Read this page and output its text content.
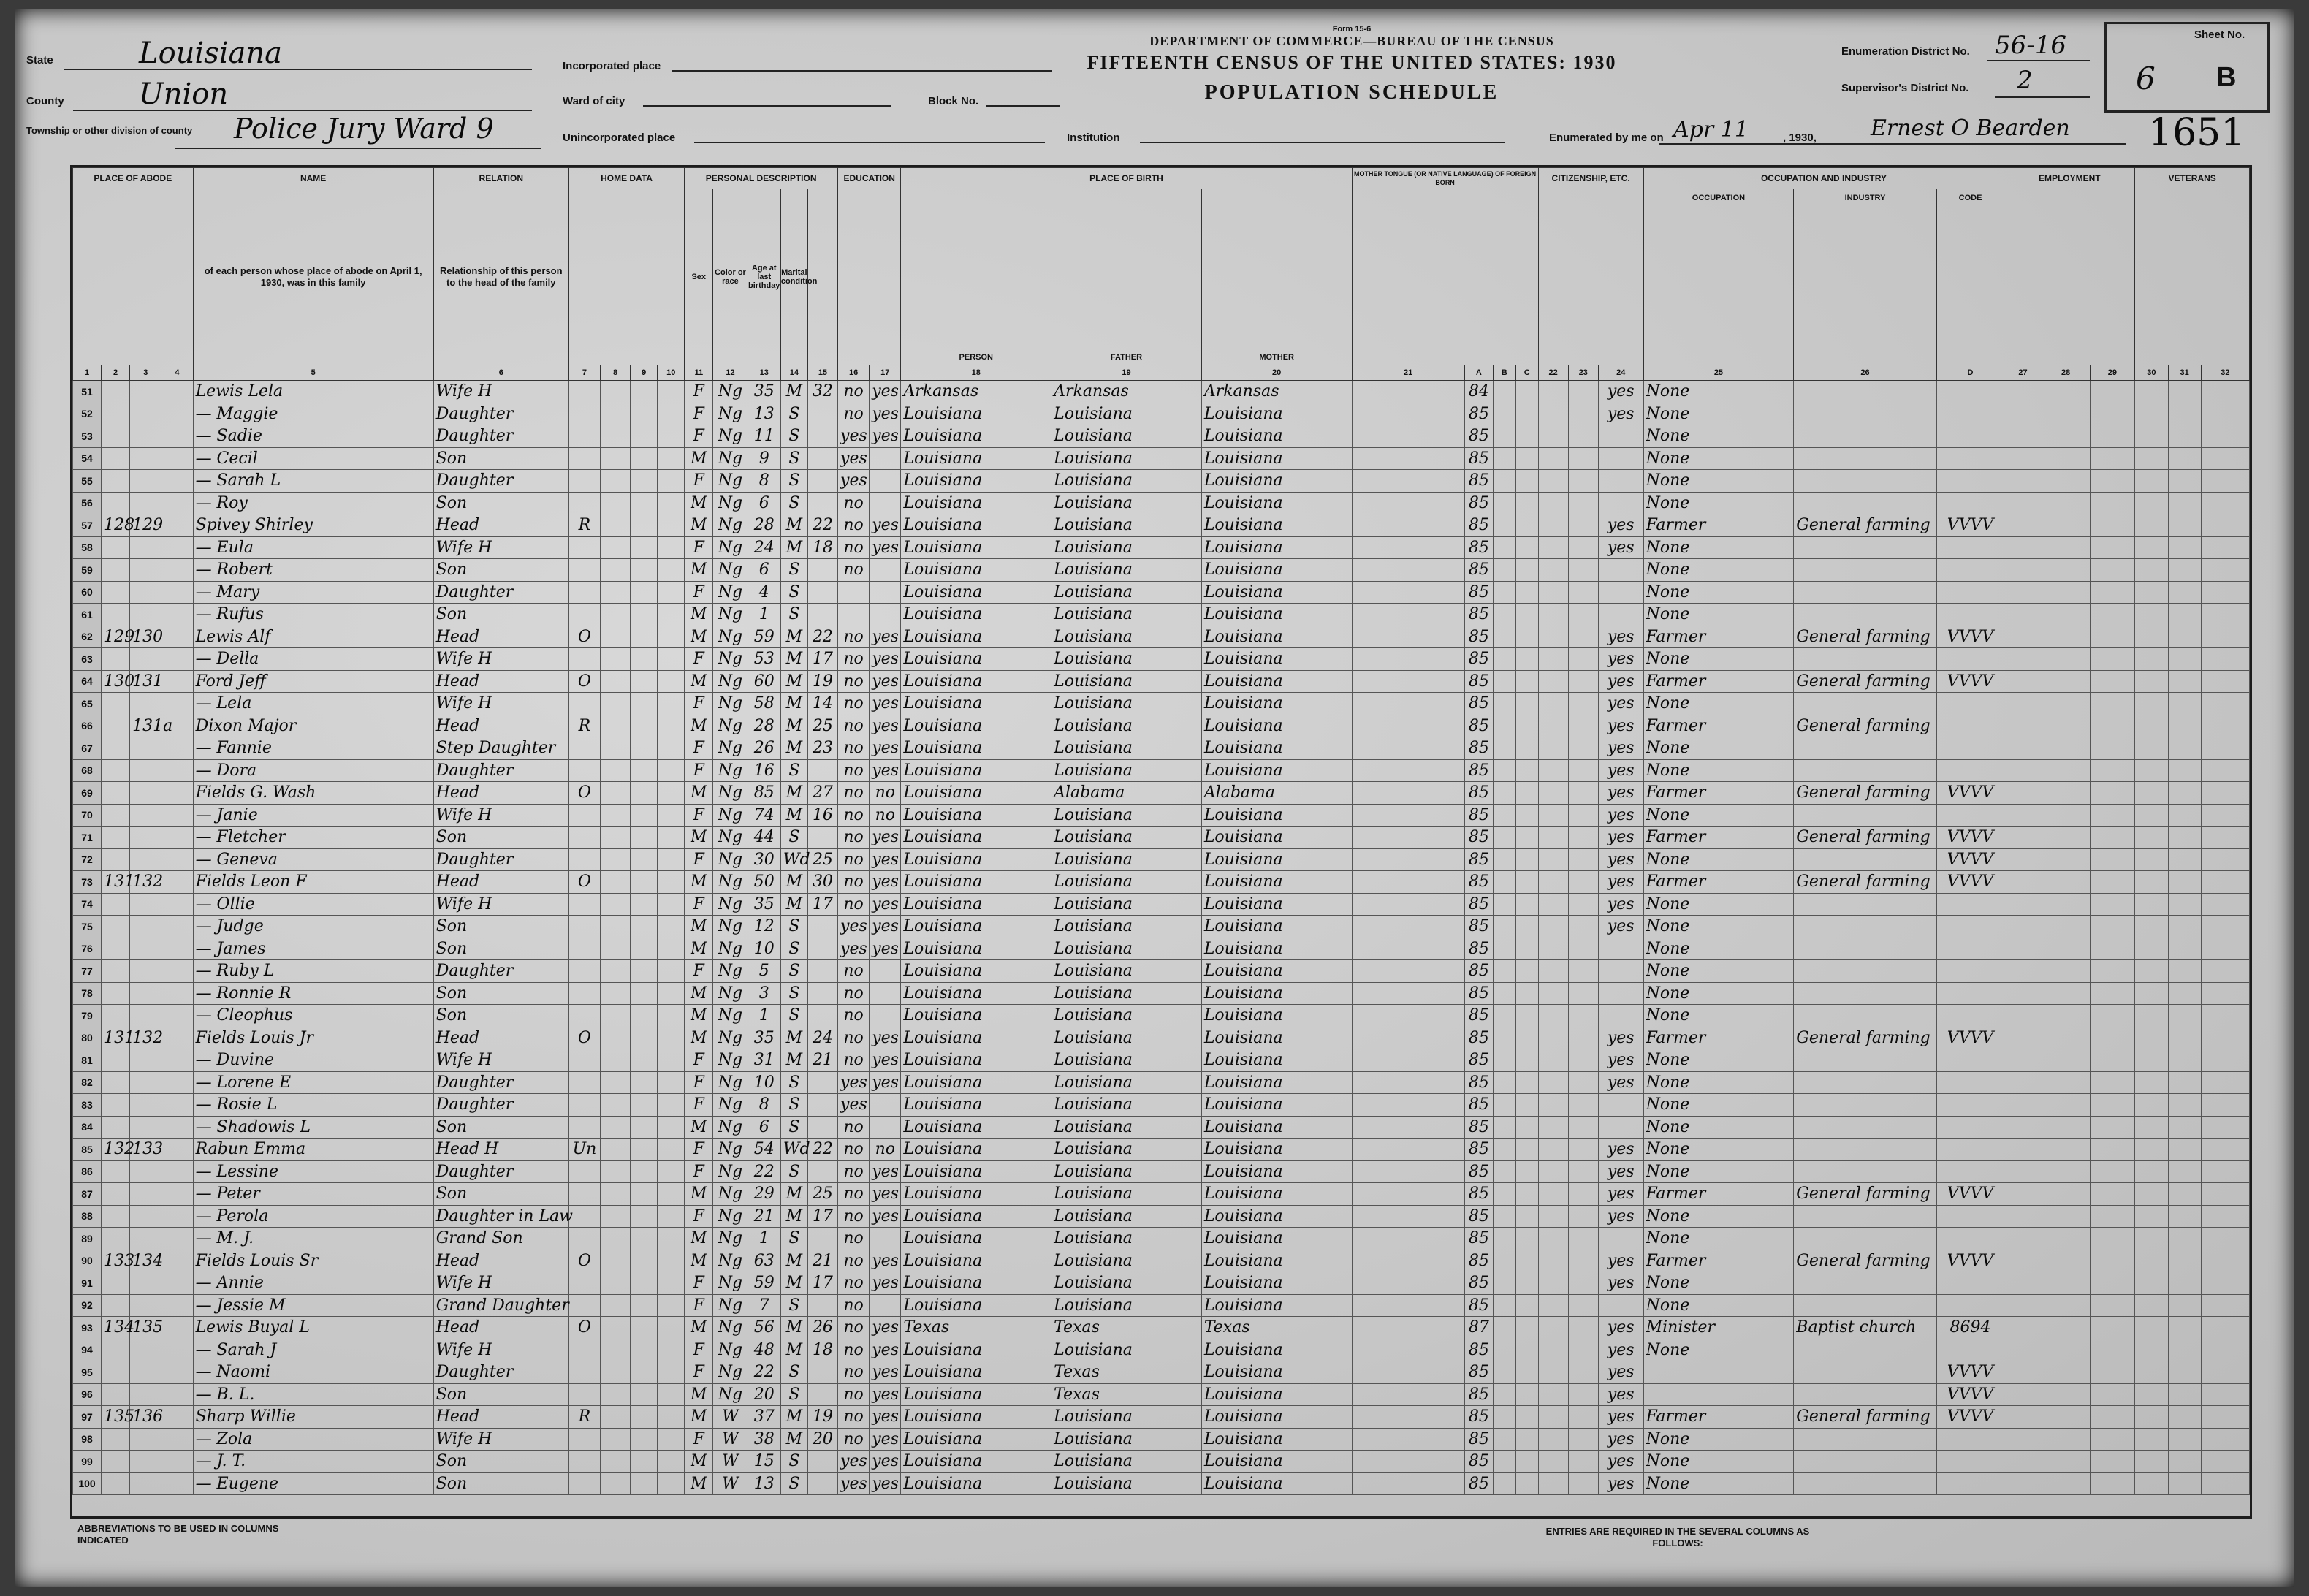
State	Louisiana
County	Union
Township or other division of county	Police Jury Ward 9
Incorporated place
Ward of city	Block No.
Unincorporated place	Institution
Form 15-6
DEPARTMENT OF COMMERCE—BUREAU OF THE CENSUS
FIFTEENTH CENSUS OF THE UNITED STATES: 1930
POPULATION SCHEDULE
Enumeration District No. 56-16
Supervisor's District No. 2
Enumerated by me on Apr 11	, 1930, Ernest O Bearden 1651
Sheet No.
6 B
PLACE OF ABODE				NAME	RELATION	HOME DATA				PERSONAL DESCRIPTION					EDUCATION		PLACE OF BIRTH			MOTHER TONGUE (OR NATIVE LANGUAGE) OF FOREIGN BORN				CITIZENSHIP, ETC.			OCCUPATION AND INDUSTRY			EMPLOYMENT			VETERANS		
				of each person whose place of abode on April 1, 1930, was in this family	Relationship of this person to the head of the family					Sex	Color or race	Age at last birthday	Marital condition				PERSON	FATHER	MOTHER								OCCUPATION	INDUSTRY	CODE						
1	2	3	4	5	6	7	8	9	10	11	12	13	14	15	16	17	18	19	20	21	A	B	C	22	23	24	25	26	D	27	28	29	30	31	32
51				Lewis Lela	Wife H					F	Ng	35	M	32	no	yes	Arkansas	Arkansas	Arkansas		84					yes	None								
52				— Maggie	Daughter					F	Ng	13	S		no	yes	Louisiana	Louisiana	Louisiana		85					yes	None								
53				— Sadie	Daughter					F	Ng	11	S		yes	yes	Louisiana	Louisiana	Louisiana		85						None								
54				— Cecil	Son					M	Ng	9	S		yes		Louisiana	Louisiana	Louisiana		85						None								
55				— Sarah L	Daughter					F	Ng	8	S		yes		Louisiana	Louisiana	Louisiana		85						None								
56				— Roy	Son					M	Ng	6	S		no		Louisiana	Louisiana	Louisiana		85						None								
57	128	129		Spivey Shirley	Head	R				M	Ng	28	M	22	no	yes	Louisiana	Louisiana	Louisiana		85					yes	Farmer	General farming	VVVV						
58				— Eula	Wife H					F	Ng	24	M	18	no	yes	Louisiana	Louisiana	Louisiana		85					yes	None								
59				— Robert	Son					M	Ng	6	S		no		Louisiana	Louisiana	Louisiana		85						None								
60				— Mary	Daughter					F	Ng	4	S				Louisiana	Louisiana	Louisiana		85						None								
61				— Rufus	Son					M	Ng	1	S				Louisiana	Louisiana	Louisiana		85						None								
62	129	130		Lewis Alf	Head	O				M	Ng	59	M	22	no	yes	Louisiana	Louisiana	Louisiana		85					yes	Farmer	General farming	VVVV						
63				— Della	Wife H					F	Ng	53	M	17	no	yes	Louisiana	Louisiana	Louisiana		85					yes	None								
64	130	131		Ford Jeff	Head	O				M	Ng	60	M	19	no	yes	Louisiana	Louisiana	Louisiana		85					yes	Farmer	General farming	VVVV						
65				— Lela	Wife H					F	Ng	58	M	14	no	yes	Louisiana	Louisiana	Louisiana		85					yes	None								
66		131a		Dixon Major	Head	R				M	Ng	28	M	25	no	yes	Louisiana	Louisiana	Louisiana		85					yes	Farmer	General farming							
67				— Fannie	Step Daughter					F	Ng	26	M	23	no	yes	Louisiana	Louisiana	Louisiana		85					yes	None								
68				— Dora	Daughter					F	Ng	16	S		no	yes	Louisiana	Louisiana	Louisiana		85					yes	None								
69				Fields G. Wash	Head	O				M	Ng	85	M	27	no	no	Louisiana	Alabama	Alabama		85					yes	Farmer	General farming	VVVV						
70				— Janie	Wife H					F	Ng	74	M	16	no	no	Louisiana	Louisiana	Louisiana		85					yes	None								
71				— Fletcher	Son					M	Ng	44	S		no	yes	Louisiana	Louisiana	Louisiana		85					yes	Farmer	General farming	VVVV						
72				— Geneva	Daughter					F	Ng	30	Wd	25	no	yes	Louisiana	Louisiana	Louisiana		85					yes	None		VVVV						
73	131	132		Fields Leon F	Head	O				M	Ng	50	M	30	no	yes	Louisiana	Louisiana	Louisiana		85					yes	Farmer	General farming	VVVV						
74				— Ollie	Wife H					F	Ng	35	M	17	no	yes	Louisiana	Louisiana	Louisiana		85					yes	None								
75				— Judge	Son					M	Ng	12	S		yes	yes	Louisiana	Louisiana	Louisiana		85					yes	None								
76				— James	Son					M	Ng	10	S		yes	yes	Louisiana	Louisiana	Louisiana		85						None								
77				— Ruby L	Daughter					F	Ng	5	S		no		Louisiana	Louisiana	Louisiana		85						None								
78				— Ronnie R	Son					M	Ng	3	S		no		Louisiana	Louisiana	Louisiana		85						None								
79				— Cleophus	Son					M	Ng	1	S		no		Louisiana	Louisiana	Louisiana		85						None								
80	131	132		Fields Louis Jr	Head	O				M	Ng	35	M	24	no	yes	Louisiana	Louisiana	Louisiana		85					yes	Farmer	General farming	VVVV						
81				— Duvine	Wife H					F	Ng	31	M	21	no	yes	Louisiana	Louisiana	Louisiana		85					yes	None								
82				— Lorene E	Daughter					F	Ng	10	S		yes	yes	Louisiana	Louisiana	Louisiana		85					yes	None								
83				— Rosie L	Daughter					F	Ng	8	S		yes		Louisiana	Louisiana	Louisiana		85						None								
84				— Shadowis L	Son					M	Ng	6	S		no		Louisiana	Louisiana	Louisiana		85						None								
85	132	133		Rabun Emma	Head H	Un				F	Ng	54	Wd	22	no	no	Louisiana	Louisiana	Louisiana		85					yes	None								
86				— Lessine	Daughter					F	Ng	22	S		no	yes	Louisiana	Louisiana	Louisiana		85					yes	None								
87				— Peter	Son					M	Ng	29	M	25	no	yes	Louisiana	Louisiana	Louisiana		85					yes	Farmer	General farming	VVVV						
88				— Perola	Daughter in Law					F	Ng	21	M	17	no	yes	Louisiana	Louisiana	Louisiana		85					yes	None								
89				— M. J.	Grand Son					M	Ng	1	S		no		Louisiana	Louisiana	Louisiana		85						None								
90	133	134		Fields Louis Sr	Head	O				M	Ng	63	M	21	no	yes	Louisiana	Louisiana	Louisiana		85					yes	Farmer	General farming	VVVV						
91				— Annie	Wife H					F	Ng	59	M	17	no	yes	Louisiana	Louisiana	Louisiana		85					yes	None								
92				— Jessie M	Grand Daughter					F	Ng	7	S		no		Louisiana	Louisiana	Louisiana		85						None								
93	134	135		Lewis Buyal L	Head	O				M	Ng	56	M	26	no	yes	Texas	Texas	Texas		87					yes	Minister	Baptist church	8694						
94				— Sarah J	Wife H					F	Ng	48	M	18	no	yes	Louisiana	Louisiana	Louisiana		85					yes	None								
95				— Naomi	Daughter					F	Ng	22	S		no	yes	Louisiana	Texas	Louisiana		85					yes			VVVV						
96				— B. L.	Son					M	Ng	20	S		no	yes	Louisiana	Texas	Louisiana		85					yes			VVVV						
97	135	136		Sharp Willie	Head	R				M	W	37	M	19	no	yes	Louisiana	Louisiana	Louisiana		85					yes	Farmer	General farming	VVVV						
98				— Zola	Wife H					F	W	38	M	20	no	yes	Louisiana	Louisiana	Louisiana		85					yes	None								
99				— J. T.	Son					M	W	15	S		yes	yes	Louisiana	Louisiana	Louisiana		85					yes	None								
100				— Eugene	Son					M	W	13	S		yes	yes	Louisiana	Louisiana	Louisiana		85					yes	None								
ABBREVIATIONS TO BE USED IN COLUMNS INDICATED
ENTRIES ARE REQUIRED IN THE SEVERAL COLUMNS AS FOLLOWS:
